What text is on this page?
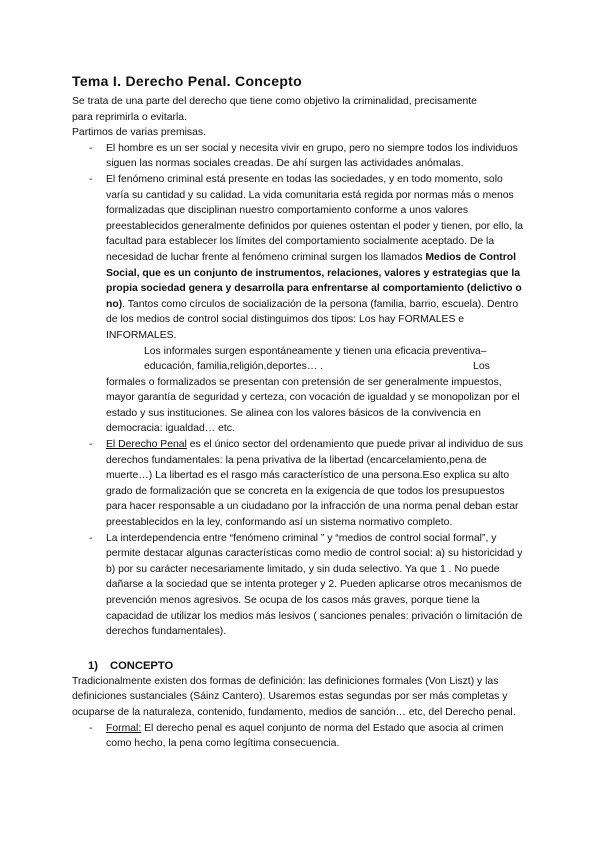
Tema I. Derecho Penal. Concepto

Se trata de una parte del derecho que tiene como objetivo la criminalidad, precisamente

para reprimirla o evitarla.

Partimos de varias premisas.

- El hombre es un ser social y necesita vivir en grupo, pero no siempre todos los individuos siguen las normas sociales creadas. De ahí surgen las actividades anómalas.
- El fenómeno criminal está presente en todas las sociedades, y en todo momento, solo varía su cantidad y su calidad. La vida comunitaria está regida por normas más o menos formalizadas que disciplinan nuestro comportamiento conforme a unos valores preestablecidos generalmente definidos por quienes ostentan el poder y tienen, por ello, la facultad para establecer los límites del comportamiento socialmente aceptado. De la necesidad de luchar frente al fenómeno criminal surgen los llamados Medios de Control Social, que es un conjunto de instrumentos, relaciones, valores y estrategias que la propia sociedad genera y desarrolla para enfrentarse al comportamiento (delictivo o no). Tantos como círculos de socialización de la persona (familia, barrio, escuela). Dentro de los medios de control social distinguimos dos tipos: Los hay FORMALES e INFORMALES.
Los informales surgen espontáneamente y tienen una eficacia preventiva–educación, familia,religión,deportes… .	Los
formales o formalizados se presentan con pretensión de ser generalmente impuestos, mayor garantía de seguridad y certeza, con vocación de igualdad y se monopolizan por el estado y sus instituciones. Se alinea con los valores básicos de la convivencia en democracia: igualdad… etc.
- El Derecho Penal es el único sector del ordenamiento que puede privar al individuo de sus derechos fundamentales: la pena privativa de la libertad (encarcelamiento,pena de muerte…) La libertad es el rasgo más característico de una persona.Eso explica su alto grado de formalización que se concreta en la exigencia de que todos los presupuestos para hacer responsable a un ciudadano por la infracción de una norma penal deban estar preestablecidos en la ley, conformando así un sistema normativo completo.
- La interdependencia entre “fenómeno criminal ” y “medios de control social formal”, y permite destacar algunas características como medio de control social: a) su historicidad y b) por su carácter necesariamente limitado, y sin duda selectivo. Ya que 1 . No puede dañarse a la sociedad que se intenta proteger y 2. Pueden aplicarse otros mecanismos de prevención menos agresivos. Se ocupa de los casos más graves, porque tiene la capacidad de utilizar los medios más lesivos ( sanciones penales: privación o limitación de derechos fundamentales).
1) CONCEPTO

Tradicionalmente existen dos formas de definición: las definiciones formales (Von Liszt) y las definiciones sustanciales (Sáinz Cantero). Usaremos estas segundas por ser más completas y ocuparse de la naturaleza, contenido, fundamento, medios de sanción… etc, del Derecho penal.

- Formal: El derecho penal es aquel conjunto de norma del Estado que asocia al crimen como hecho, la pena como legítima consecuencia.
